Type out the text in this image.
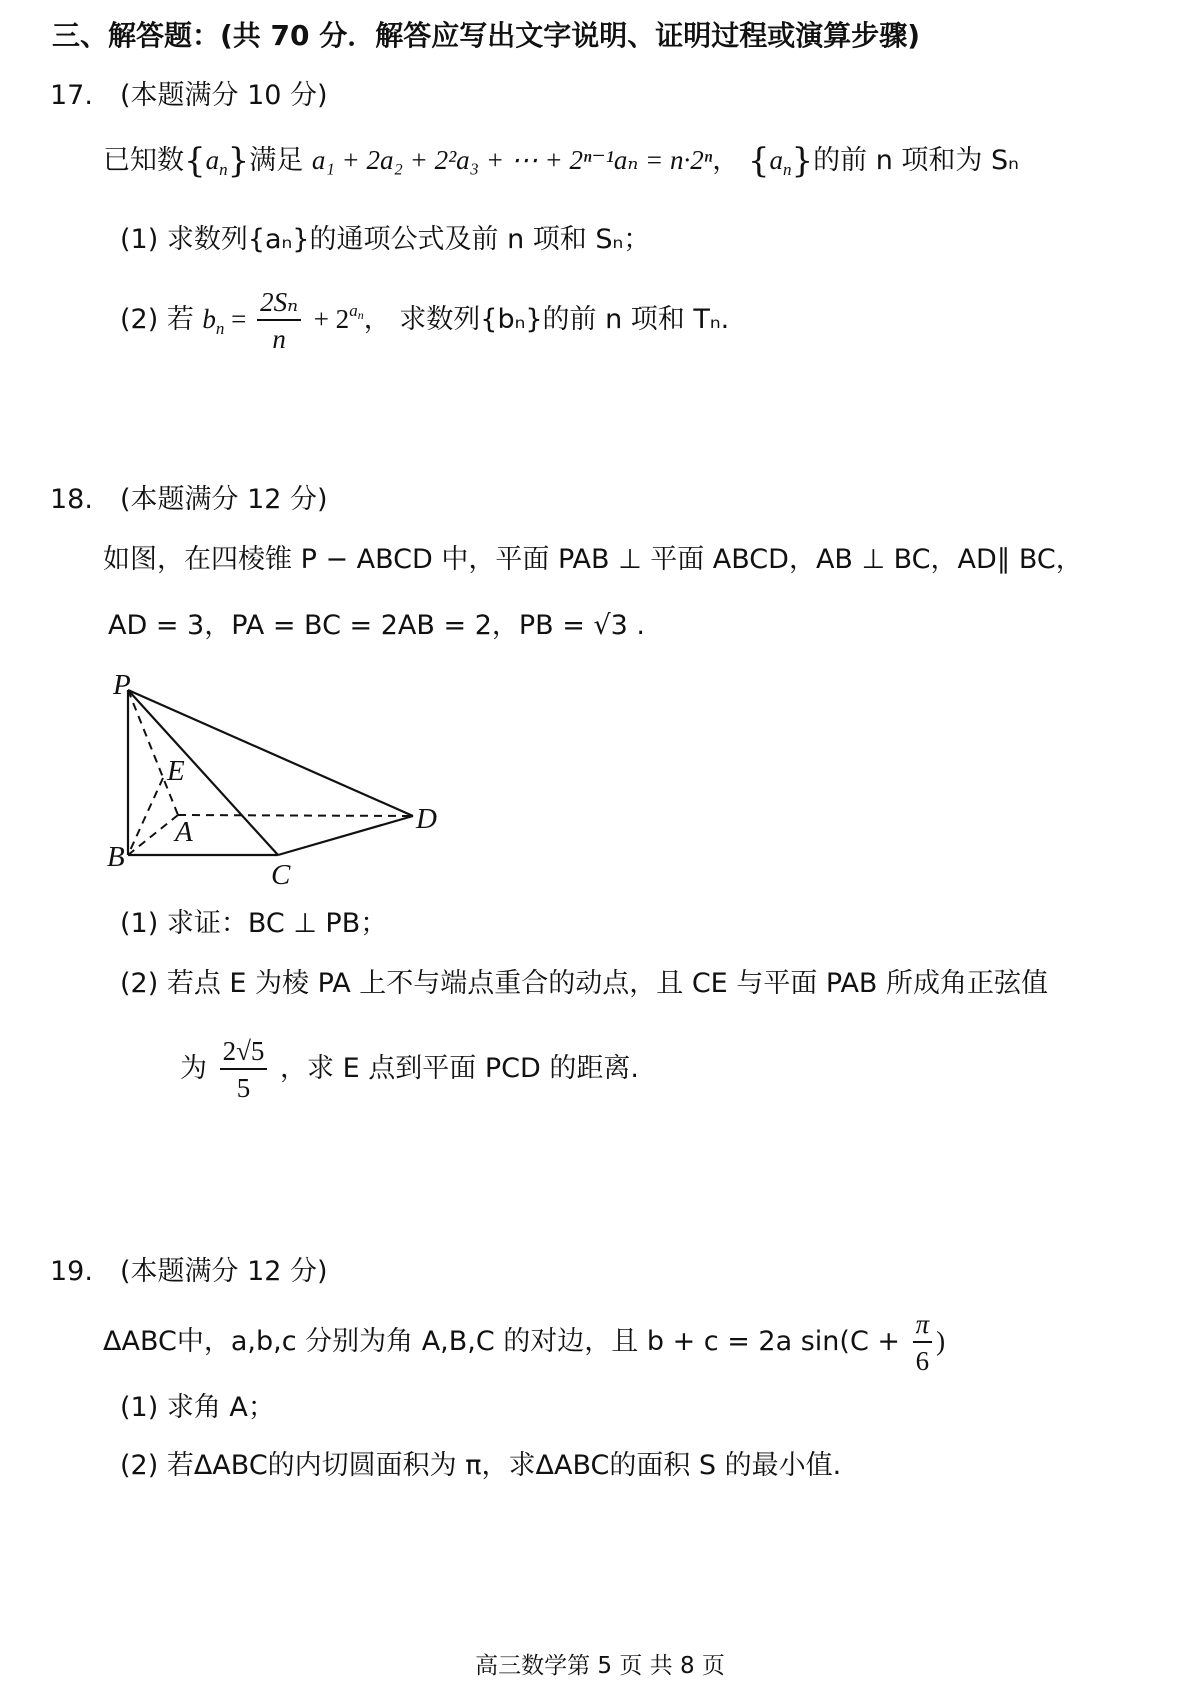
三、解答题：(共 70 分．解答应写出文字说明、证明过程或演算步骤)
17. (本题满分 10 分)
已知数$\{a_n\}$满足 a₁ + 2a₂ + 2²a₃ + ⋯ + 2ⁿ⁻¹aₙ = n·2ⁿ， $\{a_n\}$的前 n 项和为 Sₙ
(1) 求数列{aₙ}的通项公式及前 n 项和 Sₙ；
(2) 若 $b_n = \frac{\text{2Sₙ}}{n} + 2^{a_n}$， 求数列{bₙ}的前 n 项和 Tₙ.
18. (本题满分 12 分)
如图，在四棱锥 P − ABCD 中，平面 PAB ⊥ 平面 ABCD，AB ⊥ BC，AD∥ BC，
AD = 3，PA = BC = 2AB = 2，PB = √3 .
P
E
A	D
B
C
(1) 求证：BC ⊥ PB；
(2) 若点 E 为棱 PA 上不与端点重合的动点，且 CE 与平面 PAB 所成角正弦值
为 $\frac{2√5}{5}$ ，求 E 点到平面 PCD 的距离.
19. (本题满分 12 分)
ΔABC中，a,b,c 分别为角 A,B,C 的对边，且 b + c = 2a $\sin(C + \frac{\pi}{6}$ )
(1) 求角 A；
(2) 若ΔABC的内切圆面积为 π，求ΔABC的面积 S 的最小值.
高三数学第 5 页 共 8 页
